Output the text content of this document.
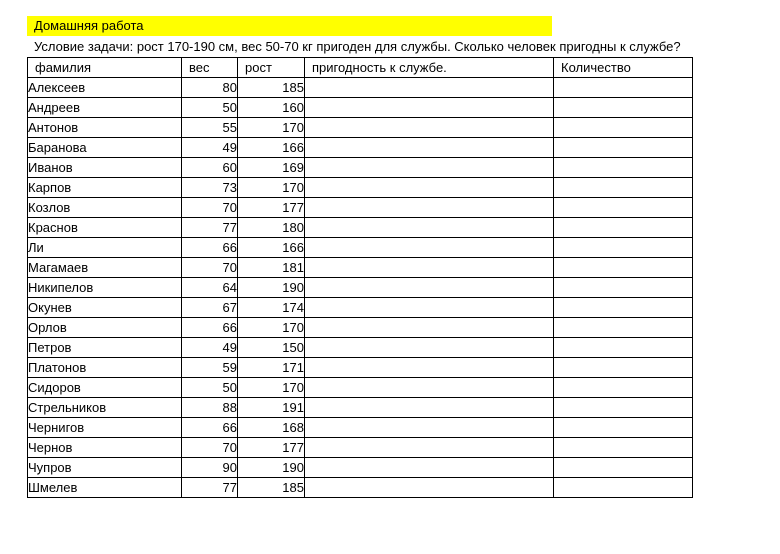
Домашняя работа
Условие задачи: рост 170-190 см, вес 50-70 кг пригоден для службы. Сколько человек пригодны к службе?
фамилия	вес	рост	пригодность к службе.	Количество
Алексеев	80	185		
Андреев	50	160		
Антонов	55	170		
Баранова	49	166		
Иванов	60	169		
Карпов	73	170		
Козлов	70	177		
Краснов	77	180		
Ли	66	166		
Магамаев	70	181		
Никипелов	64	190		
Окунев	67	174		
Орлов	66	170		
Петров	49	150		
Платонов	59	171		
Сидоров	50	170		
Стрельников	88	191		
Чернигов	66	168		
Чернов	70	177		
Чупров	90	190		
Шмелев	77	185		
